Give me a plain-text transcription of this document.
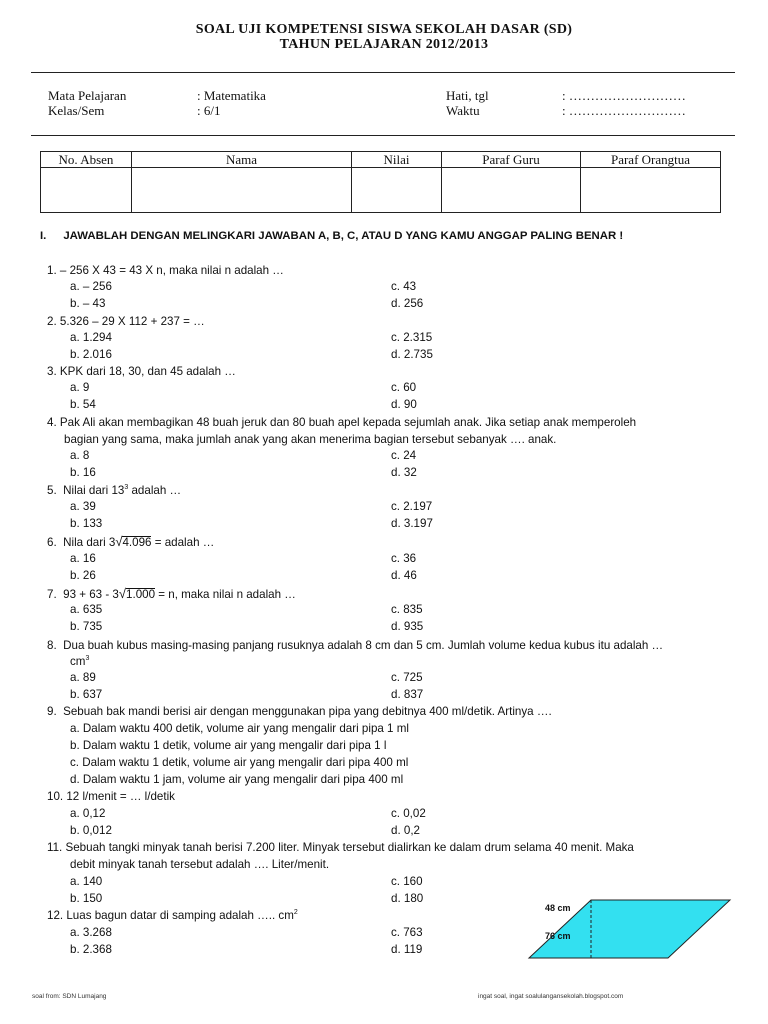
SOAL UJI KOMPETENSI SISWA SEKOLAH DASAR (SD)
TAHUN PELAJARAN 2012/2013
Mata Pelajaran	: Matematika
Kelas/Sem	: 6/1
Hati, tgl	: ………………………
Waktu	: ………………………
No. Absen	Nama	Nilai	Paraf Guru	Paraf Orangtua

I. JAWABLAH DENGAN MELINGKARI JAWABAN A, B, C, ATAU D YANG KAMU ANGGAP PALING BENAR !
1. – 256 X 43 = 43 X n, maka nilai n adalah …
a. – 256
b. – 43
c. 43
d. 256
2. 5.326 – 29 X 112 + 237 = …
a. 1.294
b. 2.016
c. 2.315
d. 2.735
3. KPK dari 18, 30, dan 45 adalah …
a. 9
b. 54
c. 60
d. 90
4. Pak Ali akan membagikan 48 buah jeruk dan 80 buah apel kepada sejumlah anak. Jika setiap anak memperoleh
bagian yang sama, maka jumlah anak yang akan menerima bagian tersebut sebanyak …. anak.
a. 8
b. 16
c. 24
d. 32
5. Nilai dari $13^3$ adalah …
a. 39
b. 133
c. 2.197
d. 3.197
6. Nila dari 3√4.096 = adalah …
a. 16
b. 26
c. 36
d. 46
7. 93 + 63 - 3√1.000 = n, maka nilai n adalah …
a. 635
b. 735
c. 835
d. 935
8. Dua buah kubus masing-masing panjang rusuknya adalah 8 cm dan 5 cm. Jumlah volume kedua kubus itu adalah …
$cm^3$
a. 89
b. 637
c. 725
d. 837
9. Sebuah bak mandi berisi air dengan menggunakan pipa yang debitnya 400 ml/detik. Artinya ….
a. Dalam waktu 400 detik, volume air yang mengalir dari pipa 1 ml
b. Dalam waktu 1 detik, volume air yang mengalir dari pipa 1 l
c. Dalam waktu 1 detik, volume air yang mengalir dari pipa 400 ml
d. Dalam waktu 1 jam, volume air yang mengalir dari pipa 400 ml
10. 12 l/menit = … l/detik
a. 0,12
b. 0,012
c. 0,02
d. 0,2
11. Sebuah tangki minyak tanah berisi 7.200 liter. Minyak tersebut dialirkan ke dalam drum selama 40 menit. Maka
debit minyak tanah tersebut adalah …. Liter/menit.
a. 140
b. 150
c. 160
d. 180
12. Luas bagun datar di samping adalah ….. $cm^2$
a. 3.268
b. 2.368
c. 763
d. 119
48 cm
76 cm
soal from: SDN Lumajang	ingat soal, ingat soalulangansekolah.blogspot.com
